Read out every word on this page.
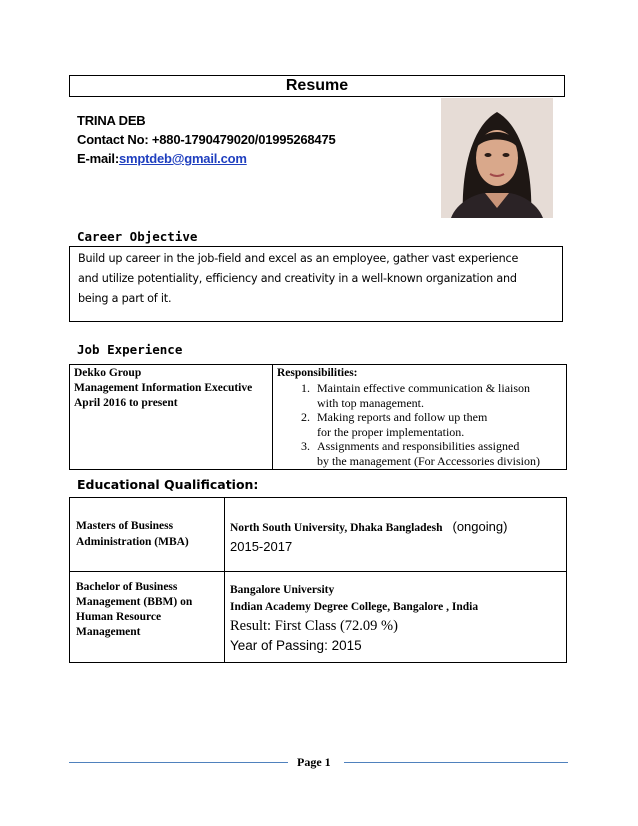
Resume
TRINA DEB
Contact No: +880-1790479020/01995268475
E-mail:smptdeb@gmail.com
Career Objective
Build up career in the job-field and excel as an employee, gather vast experience
and utilize potentiality, efficiency and creativity in a well-known organization and
being a part of it.
Job Experience
Dekko Group
Management Information Executive
April 2016 to present

Responsibilities:
1. Maintain effective communication & liaison
with top management.
2. Making reports and follow up them
for the proper implementation.
3. Assignments and responsibilities assigned
by the management (For Accessories division)
Educational Qualification:
Masters of Business
Administration (MBA)	North South University, Dhaka Bangladesh (ongoing)
2015-2017

Bachelor of Business
Management (BBM) on
Human Resource
Management	Bangalore University
Indian Academy Degree College, Bangalore , India
Result: First Class (72.09 %)
Year of Passing: 2015
Page 1
